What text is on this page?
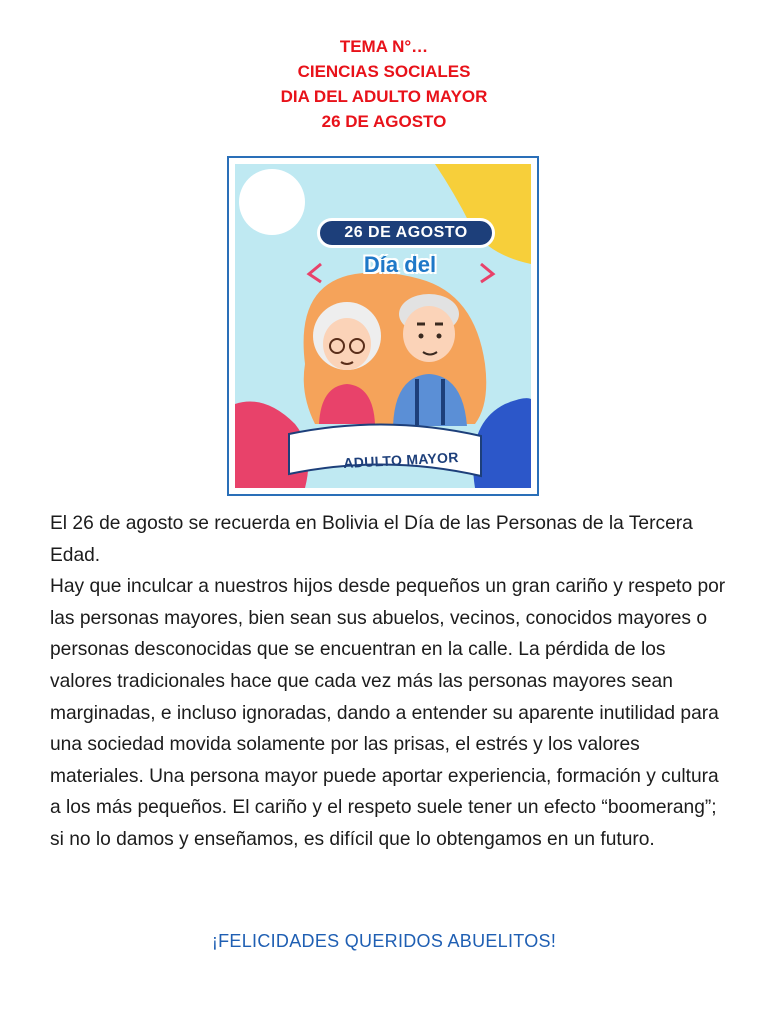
TEMA N°…
CIENCIAS SOCIALES
DIA DEL ADULTO MAYOR
26 DE AGOSTO
26 DE AGOSTO
Día del
ADULTO MAYOR

El 26 de agosto se recuerda en Bolivia el Día de las Personas de la Tercera Edad.

Hay que inculcar a nuestros hijos desde pequeños un gran cariño y respeto por las personas mayores, bien sean sus abuelos, vecinos, conocidos mayores o personas desconocidas que se encuentran en la calle. La pérdida de los valores tradicionales hace que cada vez más las personas mayores sean marginadas, e incluso ignoradas, dando a entender su aparente inutilidad para una sociedad movida solamente por las prisas, el estrés y los valores materiales. Una persona mayor puede aportar experiencia, formación y cultura a los más pequeños. El cariño y el respeto suele tener un efecto “boomerang”; si no lo damos y enseñamos, es difícil que lo obtengamos en un futuro.

¡FELICIDADES QUERIDOS ABUELITOS!
